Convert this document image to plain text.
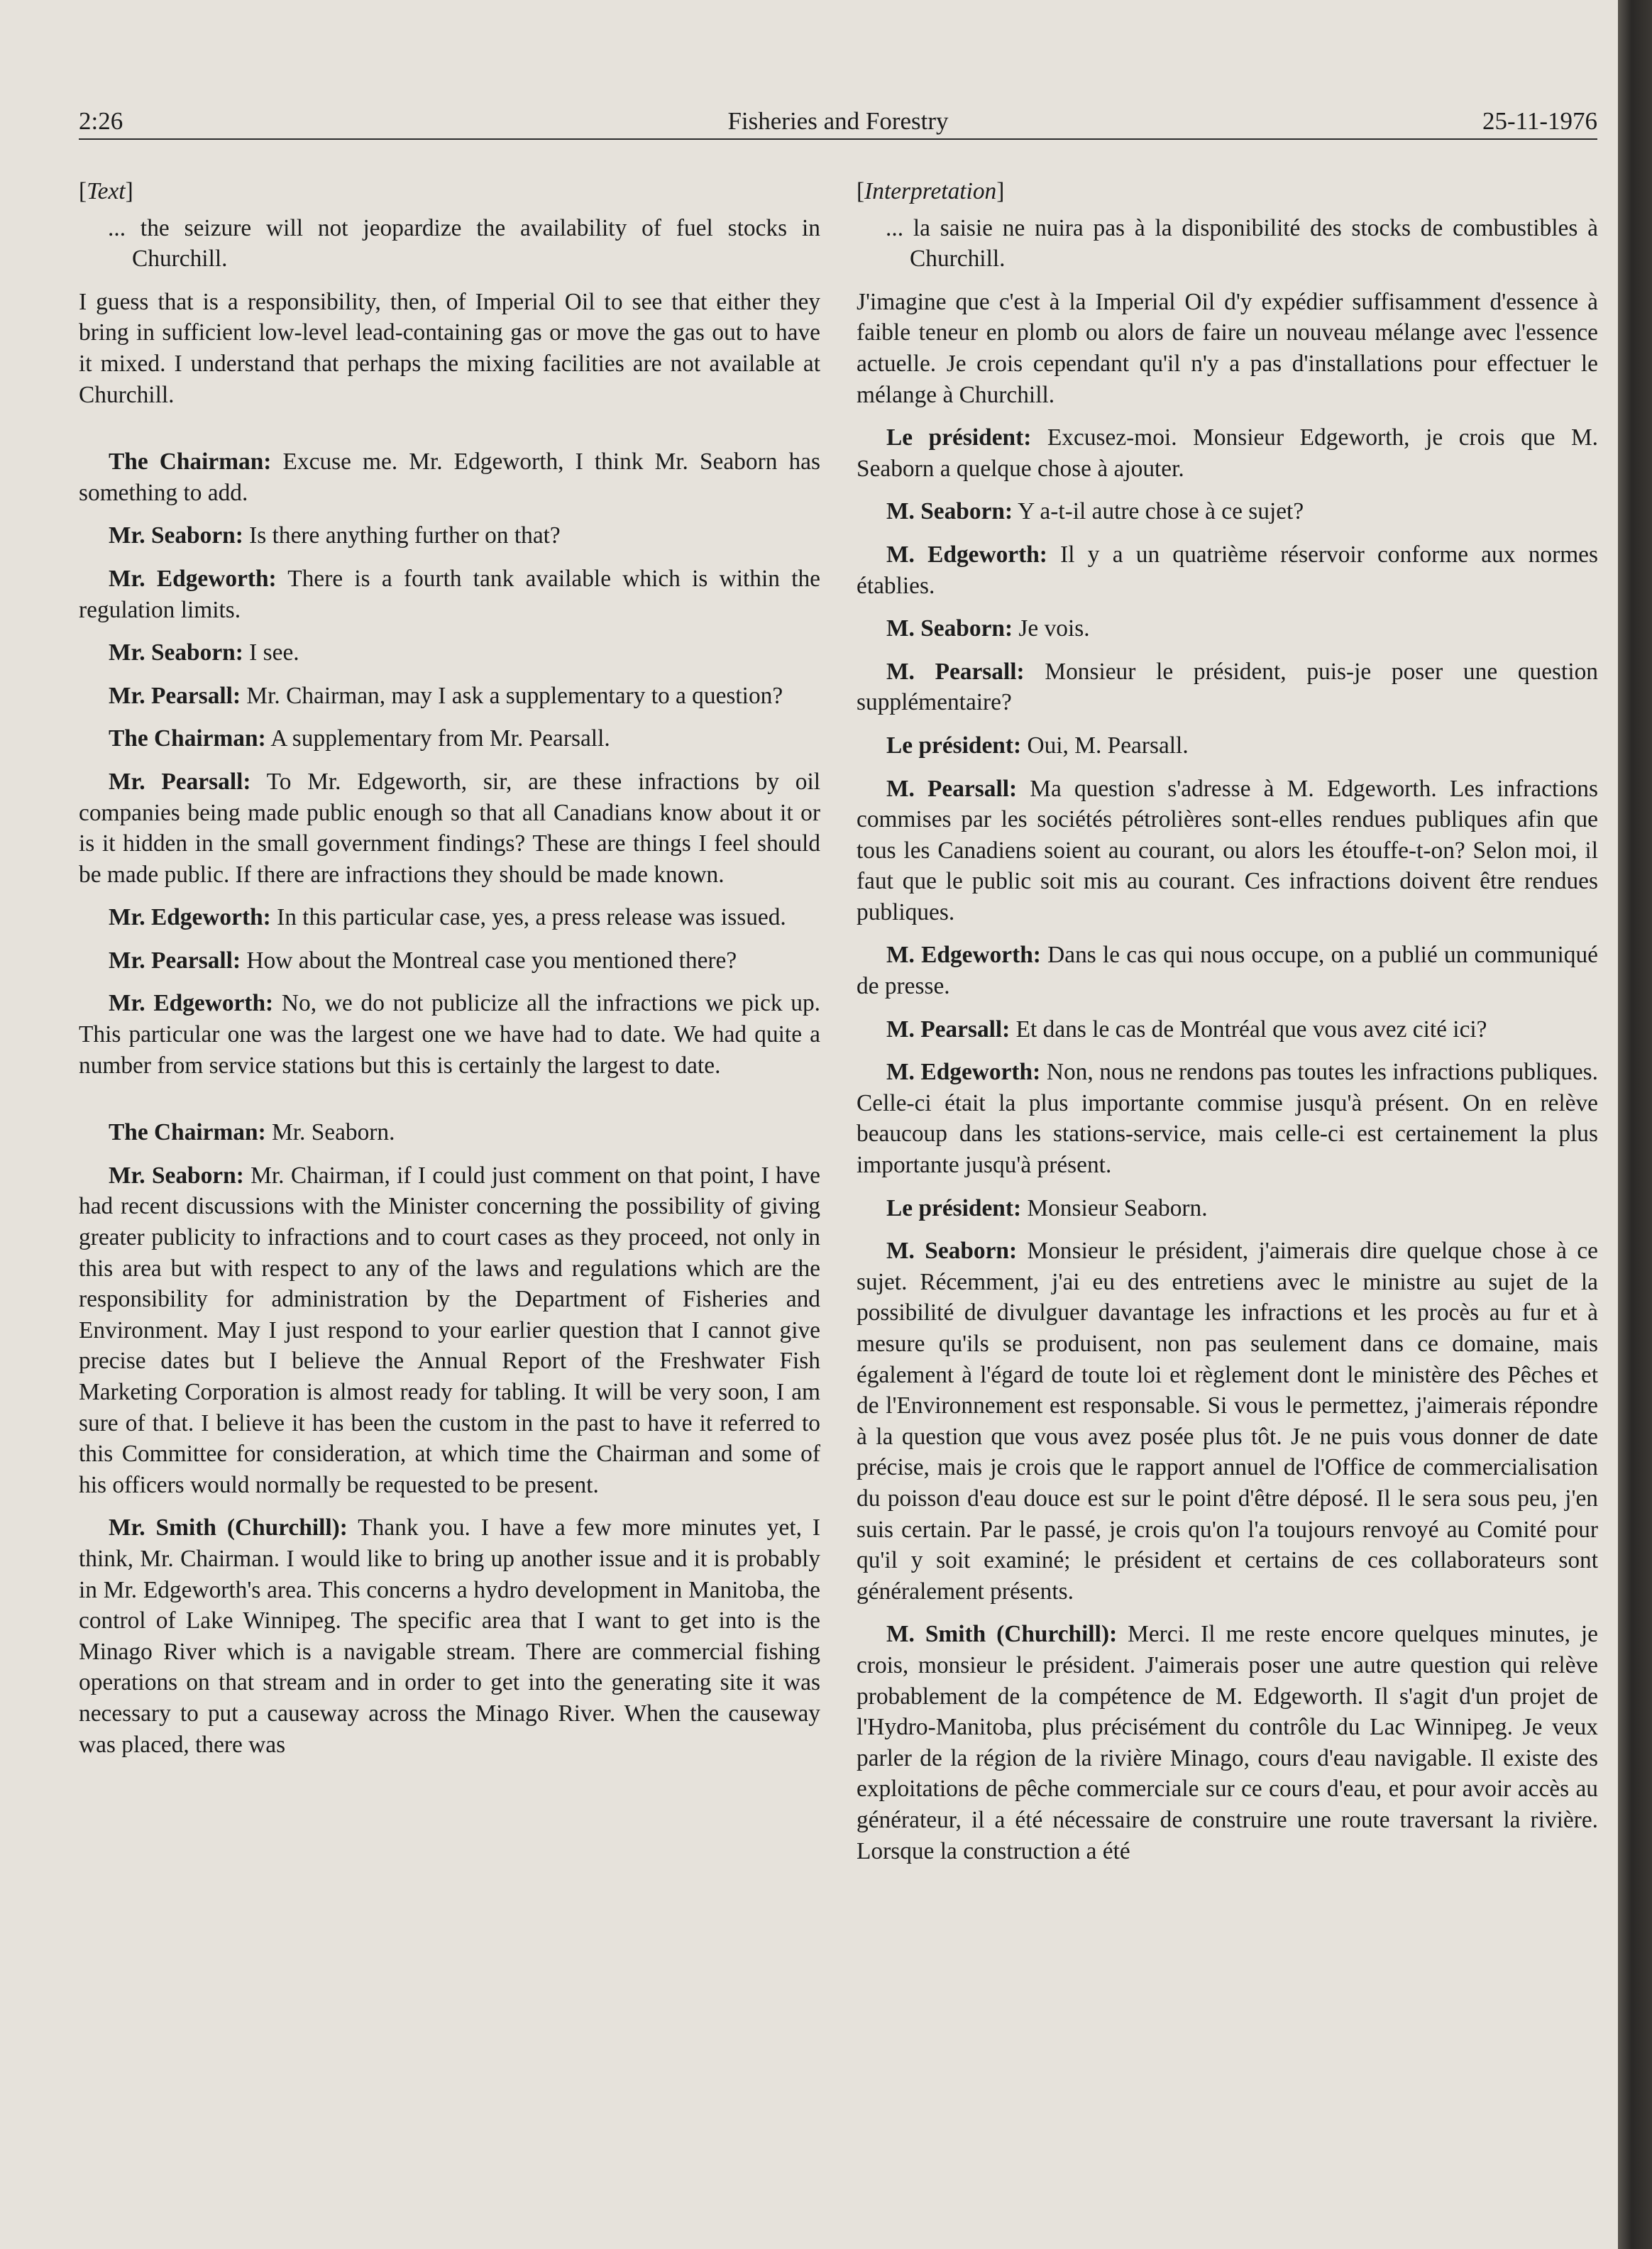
2:26	Fisheries and Forestry	25-11-1976

[Text]

... the seizure will not jeopardize the availability of fuel stocks in Churchill.

I guess that is a responsibility, then, of Imperial Oil to see that either they bring in sufficient low-level lead-containing gas or move the gas out to have it mixed. I understand that perhaps the mixing facilities are not available at Churchill.

The Chairman: Excuse me. Mr. Edgeworth, I think Mr. Seaborn has something to add.

Mr. Seaborn: Is there anything further on that?

Mr. Edgeworth: There is a fourth tank available which is within the regulation limits.

Mr. Seaborn: I see.

Mr. Pearsall: Mr. Chairman, may I ask a supplementary to a question?

The Chairman: A supplementary from Mr. Pearsall.

Mr. Pearsall: To Mr. Edgeworth, sir, are these infractions by oil companies being made public enough so that all Canadians know about it or is it hidden in the small government findings? These are things I feel should be made public. If there are infractions they should be made known.

Mr. Edgeworth: In this particular case, yes, a press release was issued.

Mr. Pearsall: How about the Montreal case you mentioned there?

Mr. Edgeworth: No, we do not publicize all the infractions we pick up. This particular one was the largest one we have had to date. We had quite a number from service stations but this is certainly the largest to date.

The Chairman: Mr. Seaborn.

Mr. Seaborn: Mr. Chairman, if I could just comment on that point, I have had recent discussions with the Minister concerning the possibility of giving greater publicity to infractions and to court cases as they proceed, not only in this area but with respect to any of the laws and regulations which are the responsibility for administration by the Department of Fisheries and Environment. May I just respond to your earlier question that I cannot give precise dates but I believe the Annual Report of the Freshwater Fish Marketing Corporation is almost ready for tabling. It will be very soon, I am sure of that. I believe it has been the custom in the past to have it referred to this Committee for consideration, at which time the Chairman and some of his officers would normally be requested to be present.

Mr. Smith (Churchill): Thank you. I have a few more minutes yet, I think, Mr. Chairman. I would like to bring up another issue and it is probably in Mr. Edgeworth's area. This concerns a hydro development in Manitoba, the control of Lake Winnipeg. The specific area that I want to get into is the Minago River which is a navigable stream. There are commercial fishing operations on that stream and in order to get into the generating site it was necessary to put a causeway across the Minago River. When the causeway was placed, there was

[Interpretation]

... la saisie ne nuira pas à la disponibilité des stocks de combustibles à Churchill.

J'imagine que c'est à la Imperial Oil d'y expédier suffisamment d'essence à faible teneur en plomb ou alors de faire un nouveau mélange avec l'essence actuelle. Je crois cependant qu'il n'y a pas d'installations pour effectuer le mélange à Churchill.

Le président: Excusez-moi. Monsieur Edgeworth, je crois que M. Seaborn a quelque chose à ajouter.

M. Seaborn: Y a-t-il autre chose à ce sujet?

M. Edgeworth: Il y a un quatrième réservoir conforme aux normes établies.

M. Seaborn: Je vois.

M. Pearsall: Monsieur le président, puis-je poser une question supplémentaire?

Le président: Oui, M. Pearsall.

M. Pearsall: Ma question s'adresse à M. Edgeworth. Les infractions commises par les sociétés pétrolières sont-elles rendues publiques afin que tous les Canadiens soient au courant, ou alors les étouffe-t-on? Selon moi, il faut que le public soit mis au courant. Ces infractions doivent être rendues publiques.

M. Edgeworth: Dans le cas qui nous occupe, on a publié un communiqué de presse.

M. Pearsall: Et dans le cas de Montréal que vous avez cité ici?

M. Edgeworth: Non, nous ne rendons pas toutes les infractions publiques. Celle-ci était la plus importante commise jusqu'à présent. On en relève beaucoup dans les stations-service, mais celle-ci est certainement la plus importante jusqu'à présent.

Le président: Monsieur Seaborn.

M. Seaborn: Monsieur le président, j'aimerais dire quelque chose à ce sujet. Récemment, j'ai eu des entretiens avec le ministre au sujet de la possibilité de divulguer davantage les infractions et les procès au fur et à mesure qu'ils se produisent, non pas seulement dans ce domaine, mais également à l'égard de toute loi et règlement dont le ministère des Pêches et de l'Environnement est responsable. Si vous le permettez, j'aimerais répondre à la question que vous avez posée plus tôt. Je ne puis vous donner de date précise, mais je crois que le rapport annuel de l'Office de commercialisation du poisson d'eau douce est sur le point d'être déposé. Il le sera sous peu, j'en suis certain. Par le passé, je crois qu'on l'a toujours renvoyé au Comité pour qu'il y soit examiné; le président et certains de ces collaborateurs sont généralement présents.

M. Smith (Churchill): Merci. Il me reste encore quelques minutes, je crois, monsieur le président. J'aimerais poser une autre question qui relève probablement de la compétence de M. Edgeworth. Il s'agit d'un projet de l'Hydro-Manitoba, plus précisément du contrôle du Lac Winnipeg. Je veux parler de la région de la rivière Minago, cours d'eau navigable. Il existe des exploitations de pêche commerciale sur ce cours d'eau, et pour avoir accès au générateur, il a été nécessaire de construire une route traversant la rivière. Lorsque la construction a été
